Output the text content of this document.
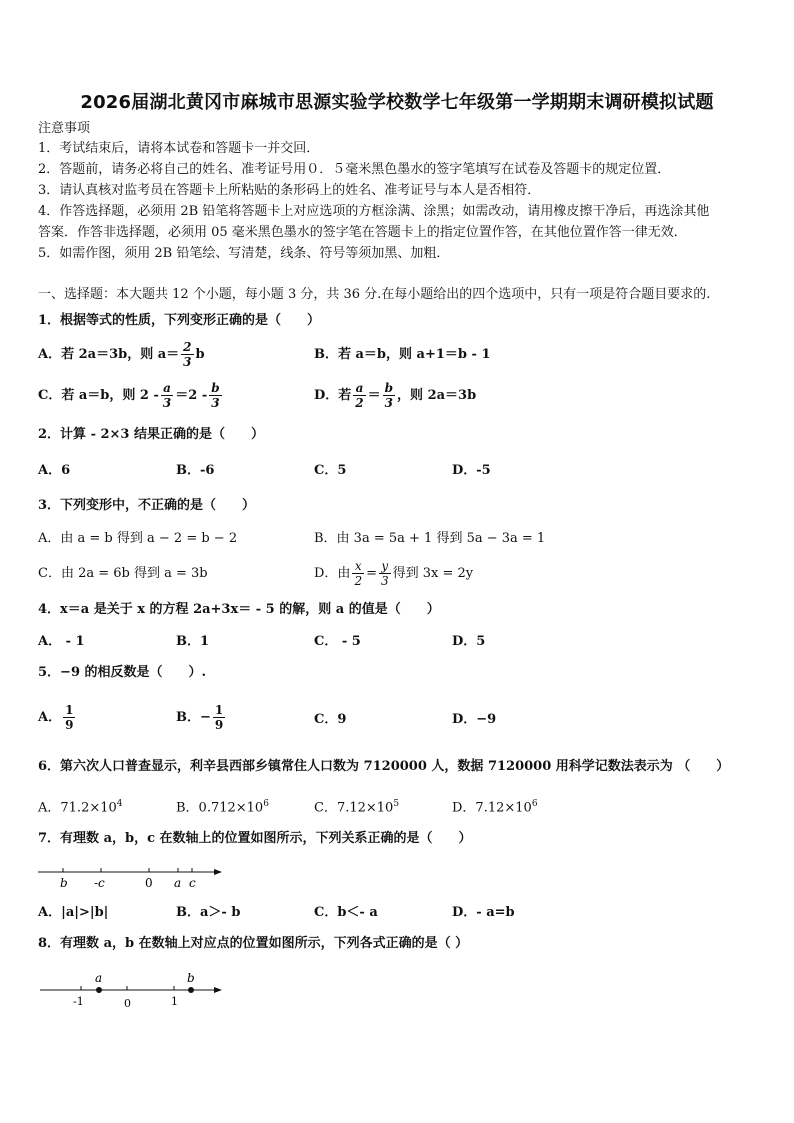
2026届湖北黄冈市麻城市思源实验学校数学七年级第一学期期末调研模拟试题
注意事项
1．考试结束后，请将本试卷和答题卡一并交回．
2．答题前，请务必将自己的姓名、准考证号用０．５毫米黑色墨水的签字笔填写在试卷及答题卡的规定位置．
3．请认真核对监考员在答题卡上所粘贴的条形码上的姓名、准考证号与本人是否相符．
4．作答选择题，必须用 2B 铅笔将答题卡上对应选项的方框涂满、涂黑；如需改动，请用橡皮擦干净后，再选涂其他
答案．作答非选择题，必须用 05 毫米黑色墨水的签字笔在答题卡上的指定位置作答，在其他位置作答一律无效．
5．如需作图，须用 2B 铅笔绘、写清楚，线条、符号等须加黑、加粗．
一、选择题：本大题共 12 个小题，每小题 3 分，共 36 分.在每小题给出的四个选项中，只有一项是符合题目要求的.
1．根据等式的性质，下列变形正确的是（　　）
A．若 2a＝3b，则 $a= \frac{2}{3}$ b	B．若 a＝b，则 a+1＝b - 1
C．若 a＝b，则 $2 - \frac{a}{3} =2 - \frac{b}{3}$	D．若 $\frac{a}{2} = \frac{b}{3}$ ，则 2a＝3b
2．计算 - 2×3 结果正确的是（　　）
A．6	B．-6	C．5	D．-5
3．下列变形中，不正确的是（　　）
A．由 a = b 得到 a − 2 = b − 2	B．由 3a = 5a + 1 得到 5a − 3a = 1
C．由 2a = 6b 得到 a = 3b	D．由 $\frac{x}{2} = \frac{y}{3}$ 得到 3x = 2y
4．x＝a 是关于 x 的方程 2a+3x＝ - 5 的解，则 a 的值是（　　）
A． - 1	B．1	C． - 5	D．5
5．−9 的相反数是（　　）.
A． $\frac{1}{9}$	B．− $\frac{1}{9}$	C．9	D．−9
6．第六次人口普查显示，利辛县西部乡镇常住人口数为 7120000 人，数据 7120000 用科学记数法表示为 （　　）
A．$71.2\times 10^4$	B．$0.712\times 10^6$	C．$7.12\times 10^5$	D．$7.12\times 10^6$
7．有理数 a，b，c 在数轴上的位置如图所示，下列关系正确的是（　　）
b -c	0 a c
A．|a|>|b|	B．a＞- b	C．b＜- a	D．- a=b
8．有理数 a，b 在数轴上对应点的位置如图所示，下列各式正确的是（ ）
a	b
-1	0	1
